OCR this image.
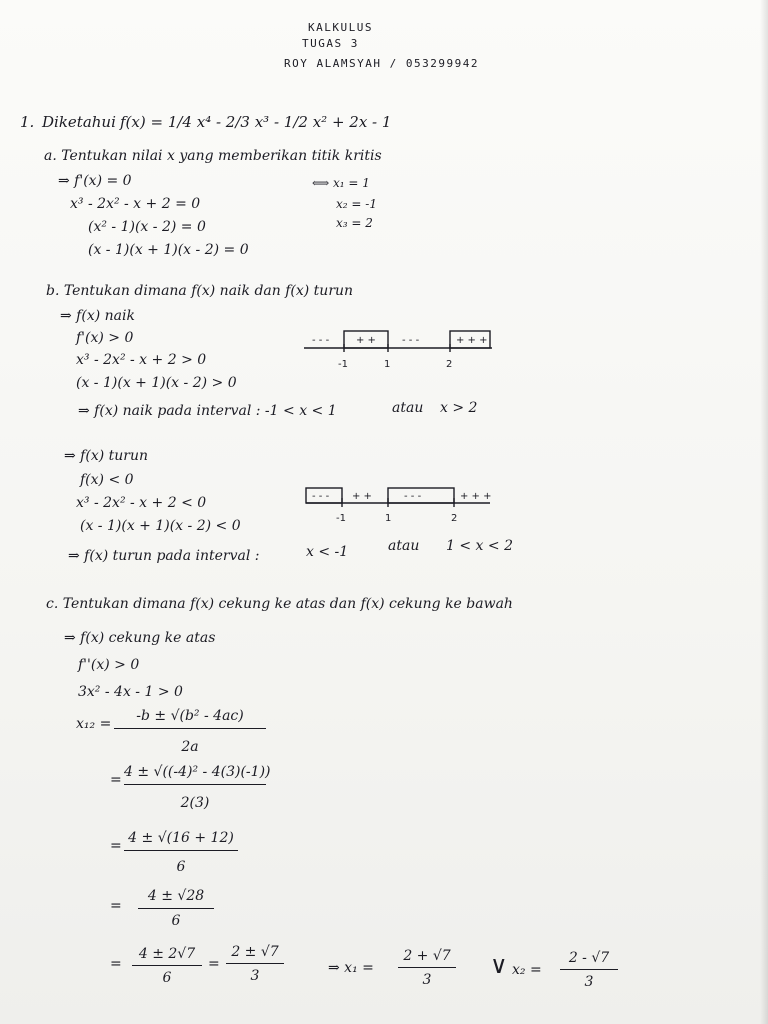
KALKULUS
TUGAS 3
ROY ALAMSYAH / 053299942
1. Diketahui f(x) = 1/4 x⁴ - 2/3 x³ - 1/2 x² + 2x - 1
a. Tentukan nilai x yang memberikan titik kritis
⇒ f'(x) = 0
x³ - 2x² - x + 2 = 0
(x² - 1)(x - 2) = 0
(x - 1)(x + 1)(x - 2) = 0
⟺ x₁ = 1
x₂ = -1
x₃ = 2
b. Tentukan dimana f(x) naik dan f(x) turun
⇒ f(x) naik
f'(x) > 0
x³ - 2x² - x + 2 > 0
(x - 1)(x + 1)(x - 2) > 0
⇒ f(x) naik pada interval : -1 < x < 1	atau x > 2
⇒ f(x) turun
f(x) < 0
x³ - 2x² - x + 2 < 0
(x - 1)(x + 1)(x - 2) < 0
⇒ f(x) turun pada interval :	x < -1	atau 1 < x < 2
- - -	+ +	- - -	+ + +
-1	1	2
- - - + +	- - -	+ + +
-1	1	2
c. Tentukan dimana f(x) cekung ke atas dan f(x) cekung ke bawah
⇒ f(x) cekung ke atas
f''(x) > 0
3x² - 4x - 1 > 0
x₁₂ =	-b ± √(b² - 4ac)
2a
= 4 ± √((-4)² - 4(3)(-1))
2(3)
= 4 ± √(16 + 12)
6
=
4 ± √28
6
=
4 ± 2√7
6
=
2 ± √7
3	⇒ x₁ =
2 + √7
3
∨ x₂ =
2 - √7
3
